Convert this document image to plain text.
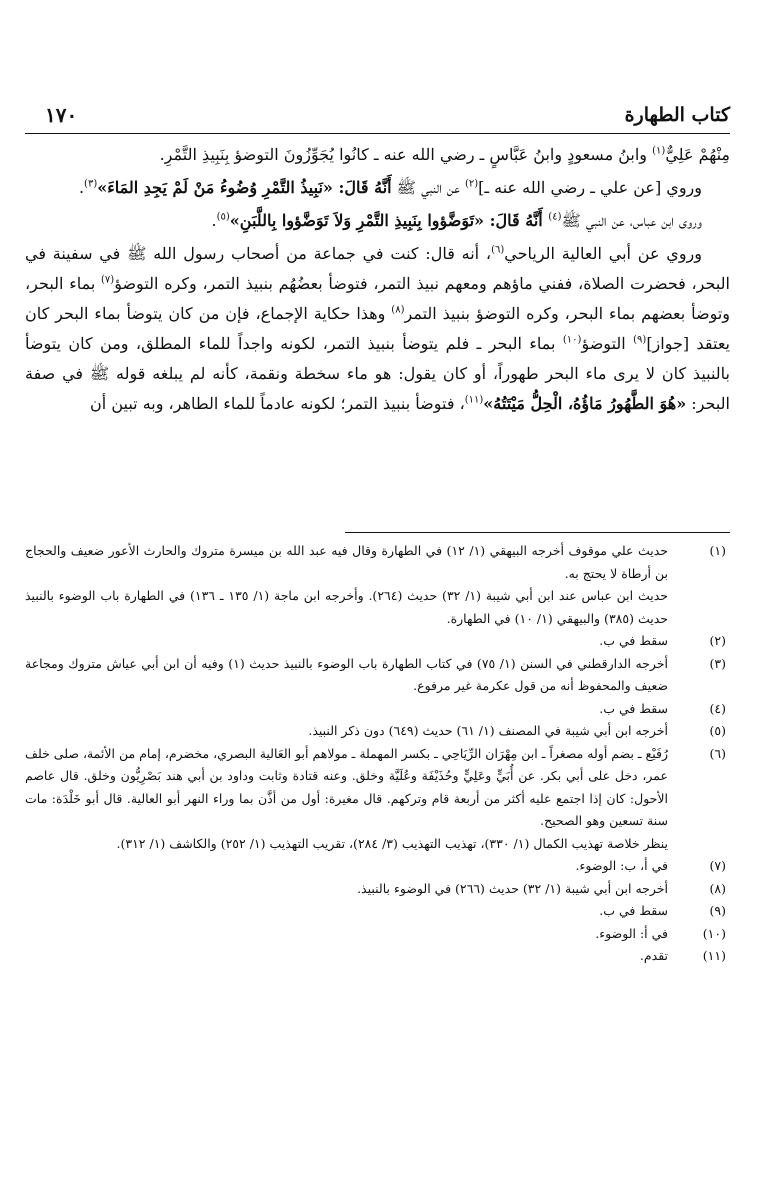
كتاب الطهارة
١٧٠

مِنْهُمْ عَلِيٌّ$^{(١)}$ وابنُ مسعودٍ وابنُ عَبَّاسٍ ـ رضي الله عنه ـ كانُوا يُجَوِّزُونَ التوضؤ بِنَبِيذِ التَّمْرِ.

وروي [عن علي ـ رضي الله عنه ـ]$^{(٢)}$ عن النبي ﷺ أَنَّهُ قَالَ: «نَبِيذُ التَّمْرِ وُضُوءُ مَنْ لَمْ يَجِدِ المَاءَ»$^{(٣)}$.

وروى ابن عباس، عن النبي ﷺ$^{(٤)}$ أَنَّهُ قَالَ: «تَوَضَّؤوا بِنَبِيذِ التَّمْرِ وَلاَ تَوَضَّؤوا بِاللَّبَنِ»$^{(٥)}$.

وروي عن أبي العالية الرياحي$^{(٦)}$، أنه قال: كنت في جماعة من أصحاب رسول الله ﷺ في سفينة في البحر، فحضرت الصلاة، ففني ماؤهم ومعهم نبيذ التمر، فتوضأ بعضُهُم بنبيذ التمر، وكره التوضؤ$^{(٧)}$ بماء البحر، وتوضأ بعضهم بماء البحر، وكره التوضؤ بنبيذ التمر$^{(٨)}$ وهذا حكاية الإجماع، فإن من كان يتوضأ بماء البحر كان يعتقد [جواز]$^{(٩)}$ التوضؤ$^{(١٠)}$ بماء البحر ـ فلم يتوضأ بنبيذ التمر، لكونه واجداً للماء المطلق، ومن كان يتوضأ بالنبيذ كان لا يرى ماء البحر طهوراً، أو كان يقول: هو ماء سخطة ونقمة، كأنه لم يبلغه قوله ﷺ في صفة البحر: «هُوَ الطَّهُورُ مَاؤُهُ، الْحِلُّ مَيْتَتُهُ»$^{(١١)}$، فتوضأ بنبيذ التمر؛ لكونه عادماً للماء الطاهر، وبه تبين أن

(١)
حديث علي موقوف أخرجه البيهقي (١/ ١٢) في الطهارة وقال فيه عبد الله بن ميسرة متروك والحارث الأعور ضعيف والحجاج بن أرطاة لا يحتج به.
حديث ابن عباس عند ابن أبي شيبة (١/ ٣٢) حديث (٢٦٤). وأخرجه ابن ماجة (١/ ١٣٥ ـ ١٣٦) في الطهارة باب الوضوء بالنبيذ حديث (٣٨٥) والبيهقي (١/ ١٠) في الطهارة.
(٢)
سقط في ب.
(٣)
أخرجه الدارقطني في السنن (١/ ٧٥) في كتاب الطهارة باب الوضوء بالنبيذ حديث (١) وفيه أن ابن أبي عياش متروك ومجاعة ضعيف والمحفوظ أنه من قول عكرمة غير مرفوع.
(٤)
سقط في ب.
(٥)
أخرجه ابن أبي شيبة في المصنف (١/ ٦١) حديث (٦٤٩) دون ذكر النبيذ.
(٦)
رُفَيْع ـ بضم أوله مصغراً ـ ابن مِهْرَان الرِّيَاحِي ـ بكسر المهملة ـ مولاهم أبو العَالية البصري، مخضرم، إمام من الأئمة، صلى خلف عمر، دخل على أبي بكر. عن أُبَيٍّ وعَلِيٍّ وحُذَيْفَة وعُلَيَّة وخلق. وعنه قتادة وثابت وداود بن أبي هند بَصْرِيُّون وخلق. قال عاصم الأحول: كان إذا اجتمع عليه أكثر من أربعة قام وتركهم. قال مغيرة: أول من أذَّن بما وراء النهر أبو العالية. قال أبو خَلْدَة: مات سنة تسعين وهو الصحيح.
ينظر خلاصة تهذيب الكمال (١/ ٣٣٠)، تهذيب التهذيب (٣/ ٢٨٤)، تقريب التهذيب (١/ ٢٥٢) والكاشف (١/ ٣١٢).
(٧)
في أ، ب: الوضوء.
(٨)
أخرجه ابن أبي شيبة (١/ ٣٢) حديث (٢٦٦) في الوضوء بالنبيذ.
(٩)
سقط في ب.
(١٠)
في أ: الوضوء.
(١١)
تقدم.
